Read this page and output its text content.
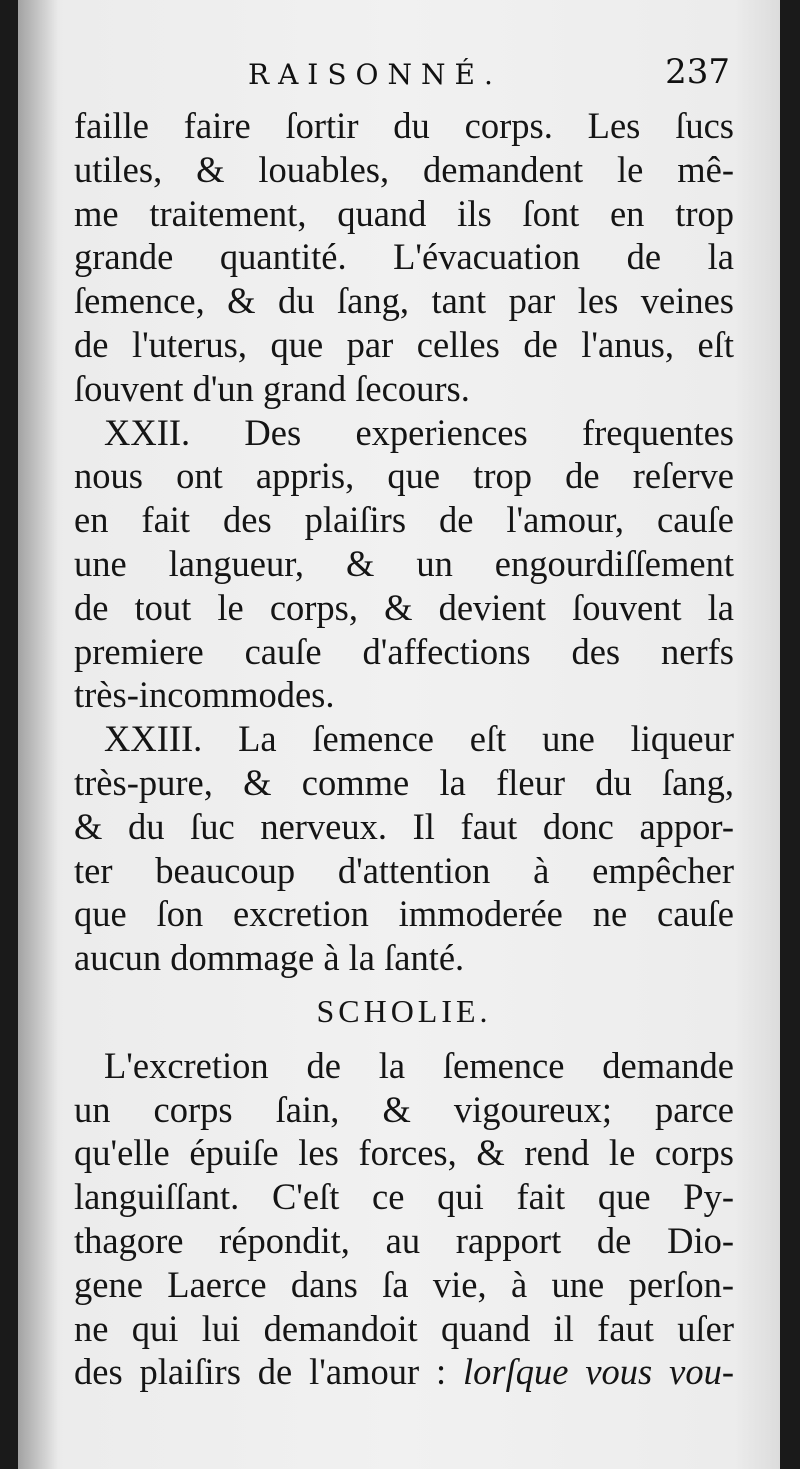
RAISONNÉ.	237
faille faire ſortir du corps. Les ſucs
utiles, & louables, demandent le mê-
me traitement, quand ils ſont en trop
grande quantité. L'évacuation de la
ſemence, & du ſang, tant par les veines
de l'uterus, que par celles de l'anus, eſt
ſouvent d'un grand ſecours.
XXII. Des experiences frequentes
nous ont appris, que trop de reſerve
en fait des plaiſirs de l'amour, cauſe
une langueur, & un engourdiſſement
de tout le corps, & devient ſouvent la
premiere cauſe d'affections des nerfs
très-incommodes.
XXIII. La ſemence eſt une liqueur
très-pure, & comme la fleur du ſang,
& du ſuc nerveux. Il faut donc appor-
ter beaucoup d'attention à empêcher
que ſon excretion immoderée ne cauſe
aucun dommage à la ſanté.
SCHOLIE.
L'excretion de la ſemence demande
un corps ſain, & vigoureux; parce
qu'elle épuiſe les forces, & rend le corps
languiſſant. C'eſt ce qui fait que Py-
thagore répondit, au rapport de Dio-
gene Laerce dans ſa vie, à une perſon-
ne qui lui demandoit quand il faut uſer
des plaiſirs de l'amour : lorſque vous vou-
